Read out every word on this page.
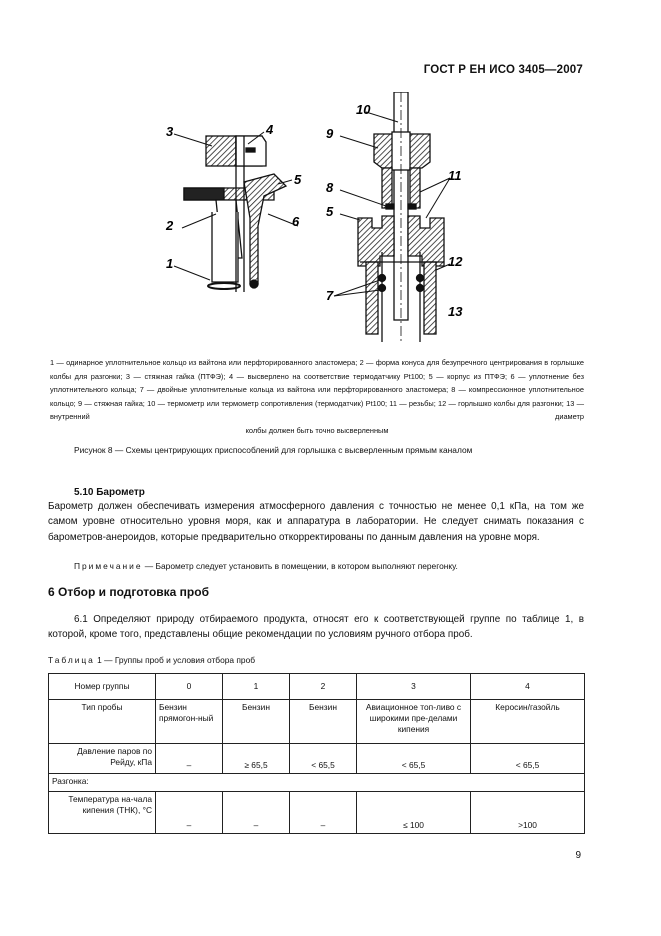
ГОСТ Р ЕН ИСО 3405—2007
3	4
5
2	6
1
10
9
8
11
5
12
7
13
1 — одинарное уплотнительное кольцо из вайтона или перфторированного эластомера; 2 — форма конуса для безупречного центрирования в горлышке колбы для разгонки; 3 — стяжная гайка (ПТФЭ); 4 — высверлено на соответствие термодатчику Pt100; 5 — корпус из ПТФЭ; 6 — уплотнение без уплотнительного кольца; 7 — двойные уплотнительные кольца из вайтона или перфторированного эластомера; 8 — компрессионное уплотнительное кольцо; 9 — стяжная гайка; 10 — термометр или термометр сопротивления (термодатчик) Pt100; 11 — резьбы; 12 — горлышко колбы для разгонки; 13 — внутренний диаметр
колбы должен быть точно высверленным
Рисунок 8 — Схемы центрирующих приспособлений для горлышка с высверленным прямым каналом
5.10 Барометр
Барометр должен обеспечивать измерения атмосферного давления с точностью не менее 0,1 кПа, на том же самом уровне относительно уровня моря, как и аппаратура в лаборатории. Не следует снимать показания с барометров-анероидов, которые предварительно откорректированы по данным давления на уровне моря.
Примечание — Барометр следует установить в помещении, в котором выполняют перегонку.
6 Отбор и подготовка проб
6.1 Определяют природу отбираемого продукта, относят его к соответствующей группе по таблице 1, в которой, кроме того, представлены общие рекомендации по условиям ручного отбора проб.
Таблица 1 — Группы проб и условия отбора проб
Номер группы	0	1	2	3	4
Тип пробы	Бензин прямогон-ный	Бензин	Бензин	Авиационное топ-ливо с широкими пре-делами кипения	Керосин/газойль
Давление паров по Рейду, кПа	–	≥ 65,5	< 65,5	< 65,5	< 65,5
Разгонка:					
Температура на-чала кипения (ТНК), °С	–	–	–	≤ 100	>100
9
